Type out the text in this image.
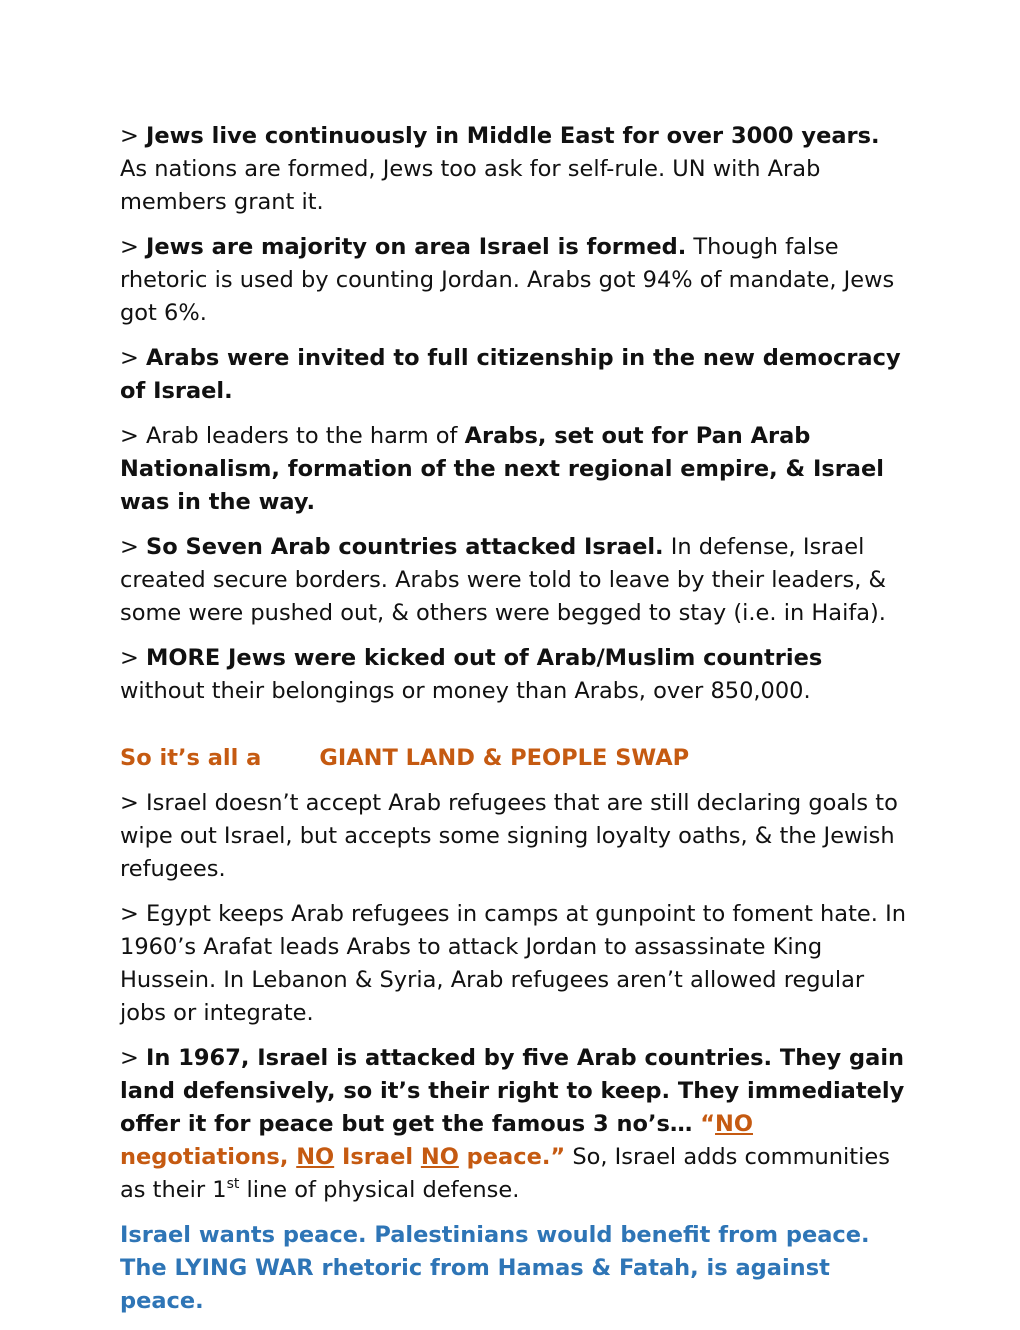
> Jews live continuously in Middle East for over 3000 years. As nations are formed, Jews too ask for self-rule. UN with Arab members grant it.

> Jews are majority on area Israel is formed. Though false rhetoric is used by counting Jordan. Arabs got 94% of mandate, Jews got 6%.

> Arabs were invited to full citizenship in the new democracy of Israel.

> Arab leaders to the harm of Arabs, set out for Pan Arab Nationalism, formation of the next regional empire, & Israel was in the way.

> So Seven Arab countries attacked Israel. In defense, Israel created secure borders. Arabs were told to leave by their leaders, & some were pushed out, & others were begged to stay (i.e. in Haifa).

> MORE Jews were kicked out of Arab/Muslim countries without their belongings or money than Arabs, over 850,000.

So it’s all a	GIANT LAND & PEOPLE SWAP

> Israel doesn’t accept Arab refugees that are still declaring goals to wipe out Israel, but accepts some signing loyalty oaths, & the Jewish refugees.

> Egypt keeps Arab refugees in camps at gunpoint to foment hate. In 1960’s Arafat leads Arabs to attack Jordan to assassinate King Hussein. In Lebanon & Syria, Arab refugees aren’t allowed regular jobs or integrate.

> In 1967, Israel is attacked by five Arab countries. They gain land defensively, so it’s their right to keep. They immediately offer it for peace but get the famous 3 no’s… “NO negotiations, NO Israel NO peace.” So, Israel adds communities as their 1st line of physical defense.

Israel wants peace. Palestinians would benefit from peace. The LYING WAR rhetoric from Hamas & Fatah, is against peace.
